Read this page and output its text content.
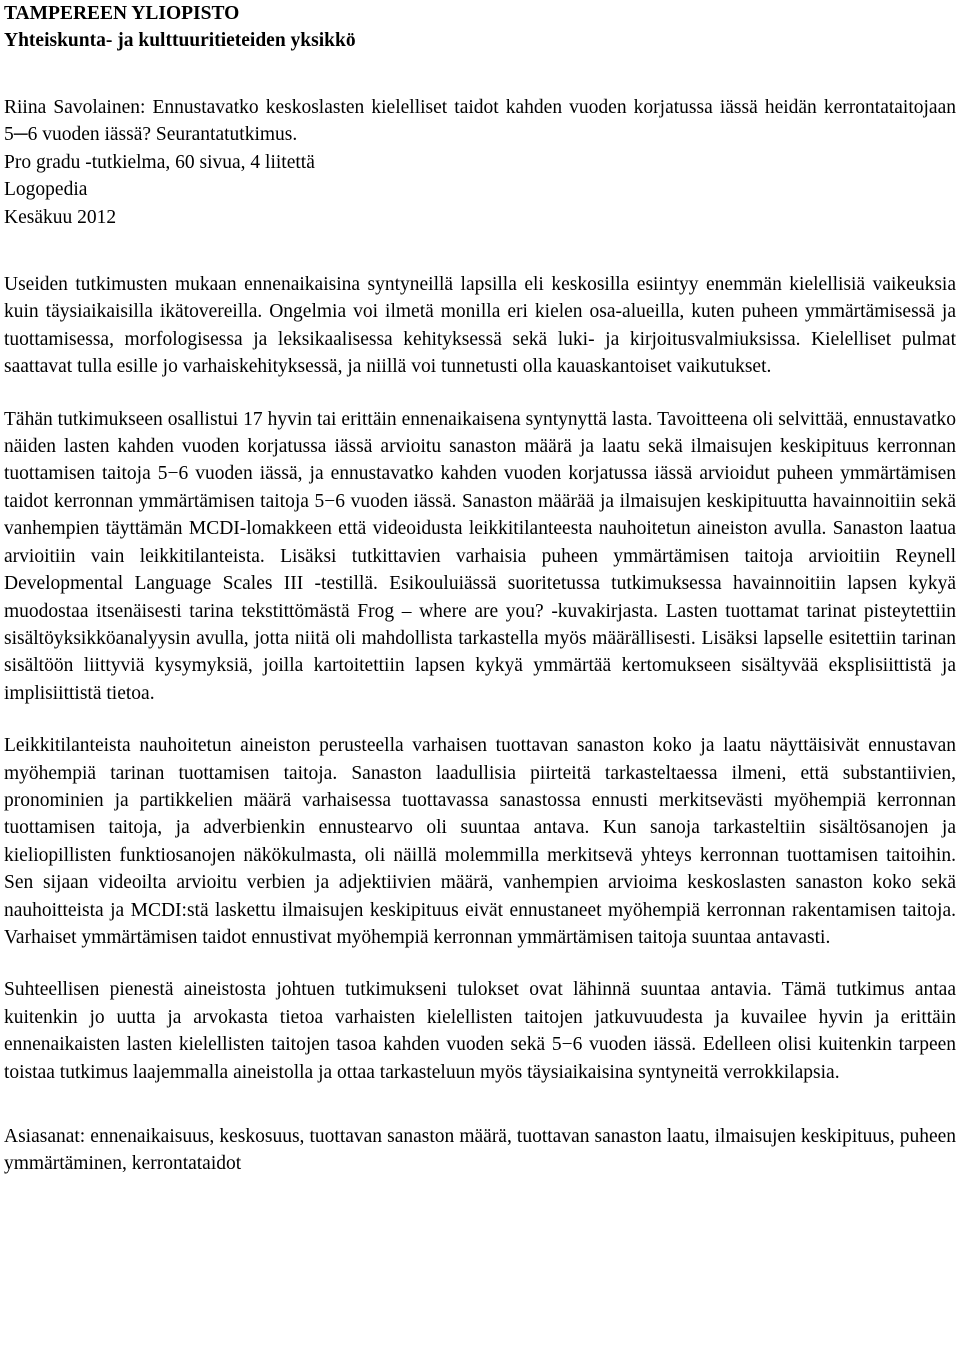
TAMPEREEN YLIOPISTO
Yhteiskunta- ja kulttuuritieteiden yksikkö

Riina Savolainen: Ennustavatko keskoslasten kielelliset taidot kahden vuoden korjatussa iässä heidän kerrontataitojaan 5─6 vuoden iässä? Seurantatutkimus.

Pro gradu -tutkielma, 60 sivua, 4 liitettä
Logopedia
Kesäkuu 2012

Useiden tutkimusten mukaan ennenaikaisina syntyneillä lapsilla eli keskosilla esiintyy enemmän kielellisiä vaikeuksia kuin täysiaikaisilla ikätovereilla. Ongelmia voi ilmetä monilla eri kielen osa-alueilla, kuten puheen ymmärtämisessä ja tuottamisessa, morfologisessa ja leksikaalisessa kehityksessä sekä luki- ja kirjoitusvalmiuksissa. Kielelliset pulmat saattavat tulla esille jo varhaiskehityksessä, ja niillä voi tunnetusti olla kauaskantoiset vaikutukset.

Tähän tutkimukseen osallistui 17 hyvin tai erittäin ennenaikaisena syntynyttä lasta. Tavoitteena oli selvittää, ennustavatko näiden lasten kahden vuoden korjatussa iässä arvioitu sanaston määrä ja laatu sekä ilmaisujen keskipituus kerronnan tuottamisen taitoja 5−6 vuoden iässä, ja ennustavatko kahden vuoden korjatussa iässä arvioidut puheen ymmärtämisen taidot kerronnan ymmärtämisen taitoja 5−6 vuoden iässä. Sanaston määrää ja ilmaisujen keskipituutta havainnoitiin sekä vanhempien täyttämän MCDI-lomakkeen että videoidusta leikkitilanteesta nauhoitetun aineiston avulla. Sanaston laatua arvioitiin vain leikkitilanteista. Lisäksi tutkittavien varhaisia puheen ymmärtämisen taitoja arvioitiin Reynell Developmental Language Scales III -testillä. Esikouluiässä suoritetussa tutkimuksessa havainnoitiin lapsen kykyä muodostaa itsenäisesti tarina tekstittömästä Frog – where are you? -kuvakirjasta. Lasten tuottamat tarinat pisteytettiin sisältöyksikköanalyysin avulla, jotta niitä oli mahdollista tarkastella myös määrällisesti. Lisäksi lapselle esitettiin tarinan sisältöön liittyviä kysymyksiä, joilla kartoitettiin lapsen kykyä ymmärtää kertomukseen sisältyvää eksplisiittistä ja implisiittistä tietoa.

Leikkitilanteista nauhoitetun aineiston perusteella varhaisen tuottavan sanaston koko ja laatu näyttäisivät ennustavan myöhempiä tarinan tuottamisen taitoja. Sanaston laadullisia piirteitä tarkasteltaessa ilmeni, että substantiivien, pronominien ja partikkelien määrä varhaisessa tuottavassa sanastossa ennusti merkitsevästi myöhempiä kerronnan tuottamisen taitoja, ja adverbienkin ennustearvo oli suuntaa antava. Kun sanoja tarkasteltiin sisältösanojen ja kieliopillisten funktiosanojen näkökulmasta, oli näillä molemmilla merkitsevä yhteys kerronnan tuottamisen taitoihin. Sen sijaan videoilta arvioitu verbien ja adjektiivien määrä, vanhempien arvioima keskoslasten sanaston koko sekä nauhoitteista ja MCDI:stä laskettu ilmaisujen keskipituus eivät ennustaneet myöhempiä kerronnan rakentamisen taitoja. Varhaiset ymmärtämisen taidot ennustivat myöhempiä kerronnan ymmärtämisen taitoja suuntaa antavasti.

Suhteellisen pienestä aineistosta johtuen tutkimukseni tulokset ovat lähinnä suuntaa antavia. Tämä tutkimus antaa kuitenkin jo uutta ja arvokasta tietoa varhaisten kielellisten taitojen jatkuvuudesta ja kuvailee hyvin ja erittäin ennenaikaisten lasten kielellisten taitojen tasoa kahden vuoden sekä 5−6 vuoden iässä. Edelleen olisi kuitenkin tarpeen toistaa tutkimus laajemmalla aineistolla ja ottaa tarkasteluun myös täysiaikaisina syntyneitä verrokkilapsia.

Asiasanat: ennenaikaisuus, keskosuus, tuottavan sanaston määrä, tuottavan sanaston laatu, ilmaisujen keskipituus, puheen ymmärtäminen, kerrontataidot
